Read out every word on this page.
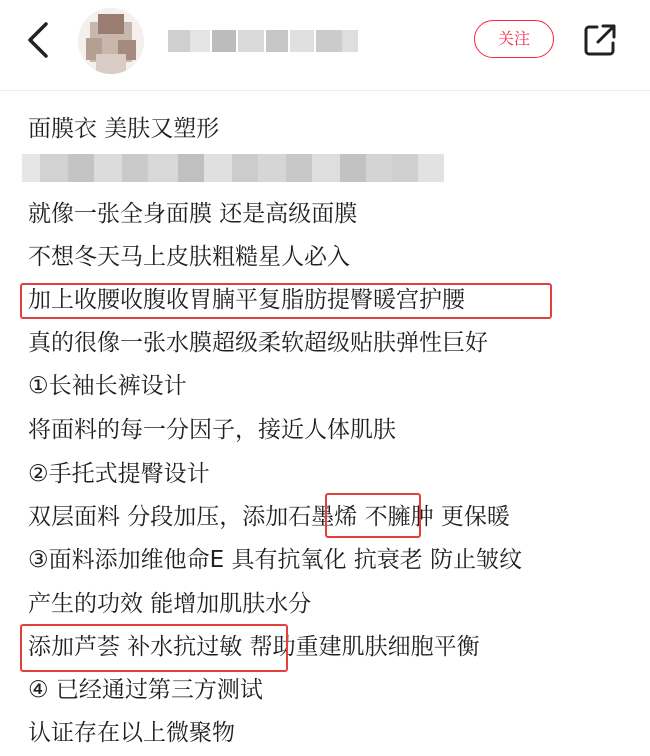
关注
面膜衣 美肤又塑形
就像一张全身面膜 还是高级面膜
不想冬天马上皮肤粗糙星人必入
加上收腰收腹收胃腩平复脂肪提臀暖宫护腰
真的很像一张水膜超级柔软超级贴肤弹性巨好
①长袖长裤设计
将面料的每一分因子，接近人体肌肤
②手托式提臀设计
双层面料 分段加压，添加石墨烯 不臃肿 更保暖
③面料添加维他命E 具有抗氧化 抗衰老 防止皱纹
产生的功效 能增加肌肤水分
添加芦荟 补水抗过敏 帮助重建肌肤细胞平衡
④ 已经通过第三方测试
认证存在以上微聚物
